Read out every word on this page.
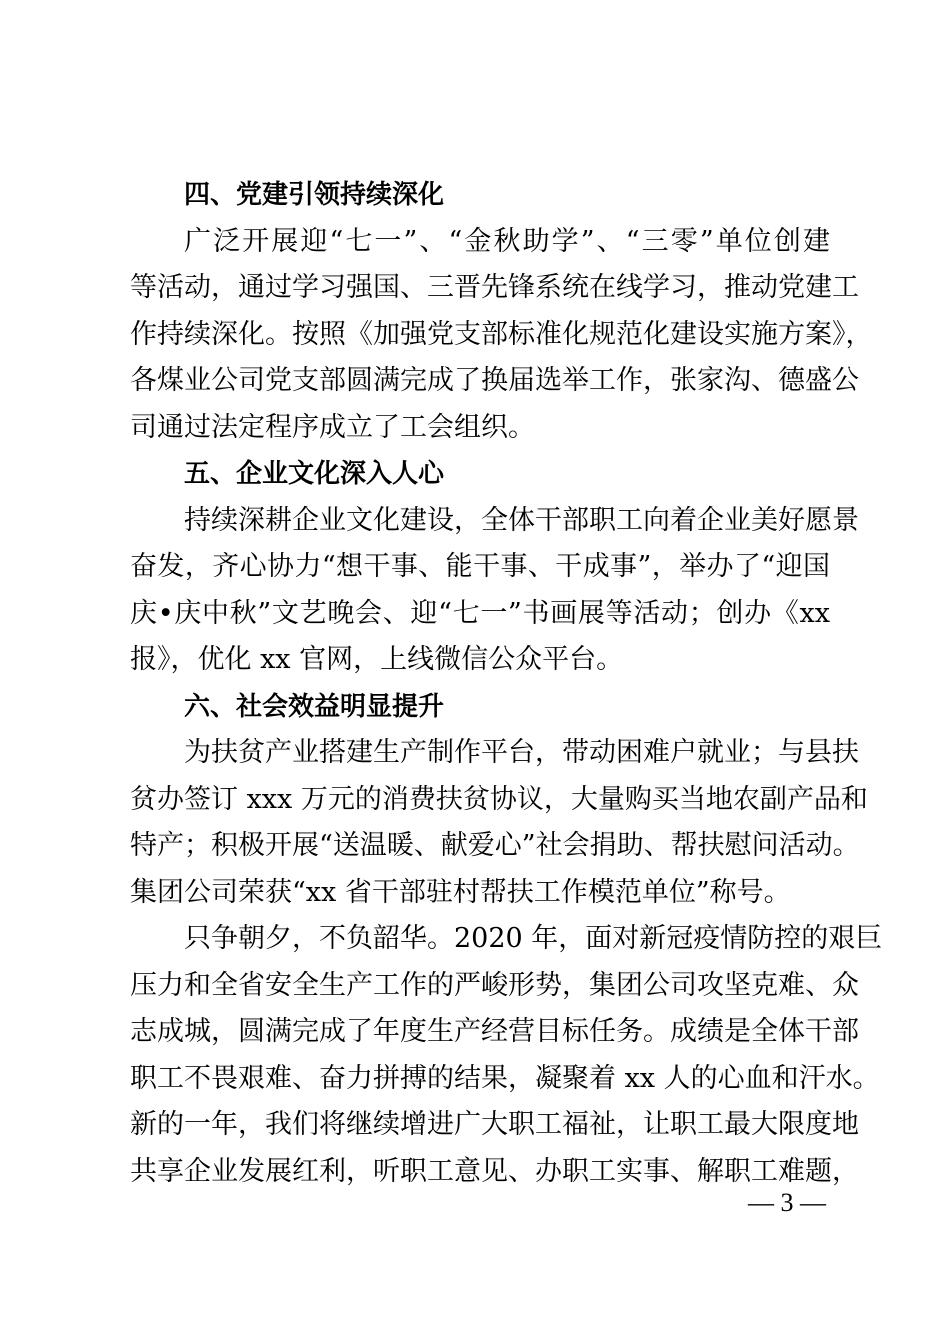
四、党建引领持续深化
广泛开展迎“七一”、“金秋助学”、“三零”单位创建
等活动，通过学习强国、三晋先锋系统在线学习，推动党建工
作持续深化。按照《加强党支部标准化规范化建设实施方案》，
各煤业公司党支部圆满完成了换届选举工作，张家沟、德盛公
司通过法定程序成立了工会组织。
五、企业文化深入人心
持续深耕企业文化建设，全体干部职工向着企业美好愿景
奋发，齐心协力“想干事、能干事、干成事”，举办了“迎国
庆•庆中秋”文艺晚会、迎“七一”书画展等活动；创办《xx
报》，优化 xx 官网，上线微信公众平台。
六、社会效益明显提升
为扶贫产业搭建生产制作平台，带动困难户就业；与县扶
贫办签订 xxx 万元的消费扶贫协议，大量购买当地农副产品和
特产；积极开展“送温暖、献爱心”社会捐助、帮扶慰问活动。
集团公司荣获“xx 省干部驻村帮扶工作模范单位”称号。
只争朝夕，不负韶华。2020 年，面对新冠疫情防控的艰巨
压力和全省安全生产工作的严峻形势，集团公司攻坚克难、众
志成城，圆满完成了年度生产经营目标任务。成绩是全体干部
职工不畏艰难、奋力拼搏的结果，凝聚着 xx 人的心血和汗水。
新的一年，我们将继续增进广大职工福祉，让职工最大限度地
共享企业发展红利，听职工意见、办职工实事、解职工难题，
— 3 —
